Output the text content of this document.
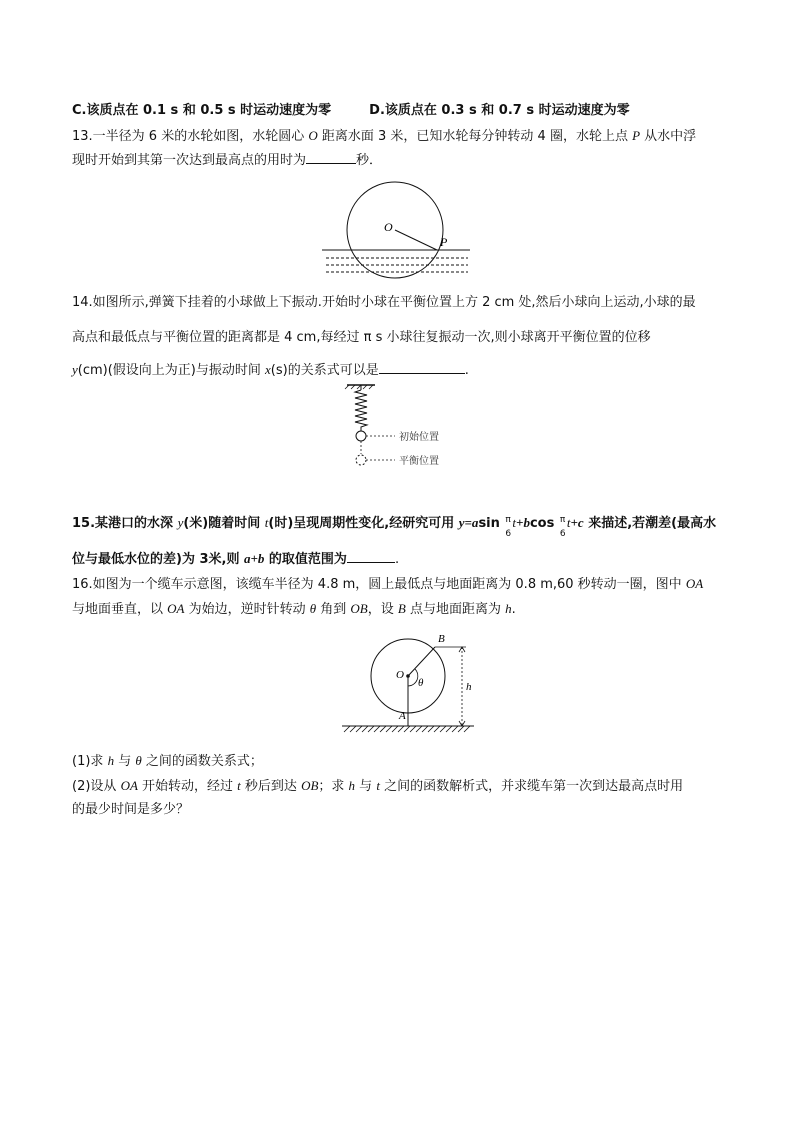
C.该质点在 0.1 s 和 0.5 s 时运动速度为零	D.该质点在 0.3 s 和 0.7 s 时运动速度为零
13.一半径为 6 米的水轮如图，水轮圆心 O 距离水面 3 米，已知水轮每分钟转动 4 圈，水轮上点 P 从水中浮
现时开始到其第一次达到最高点的用时为	秒．
O
P
14.如图所示,弹簧下挂着的小球做上下振动.开始时小球在平衡位置上方 2 cm 处,然后小球向上运动,小球的最
高点和最低点与平衡位置的距离都是 4 cm,每经过 π s 小球往复振动一次,则小球离开平衡位置的位移
y(cm)(假设向上为正)与振动时间 x(s)的关系式可以是	.
初始位置
平衡位置
15.某港口的水深 y(米)随着时间 t(时)呈现周期性变化,经研究可用 y=asin π
6
t+bcos π
6
t+c 来描述,若潮差(最高水
位与最低水位的差)为 3米,则 a+b 的取值范围为	.
16.如图为一个缆车示意图，该缆车半径为 4.8 m，圆上最低点与地面距离为 0.8 m,60 秒转动一圈，图中 OA
与地面垂直，以 OA 为始边，逆时针转动 θ 角到 OB，设 B 点与地面距离为 h.
O
θ
A
B
h
(1)求 h 与 θ 之间的函数关系式；
(2)设从 OA 开始转动，经过 t 秒后到达 OB；求 h 与 t 之间的函数解析式，并求缆车第一次到达最高点时用
的最少时间是多少？
